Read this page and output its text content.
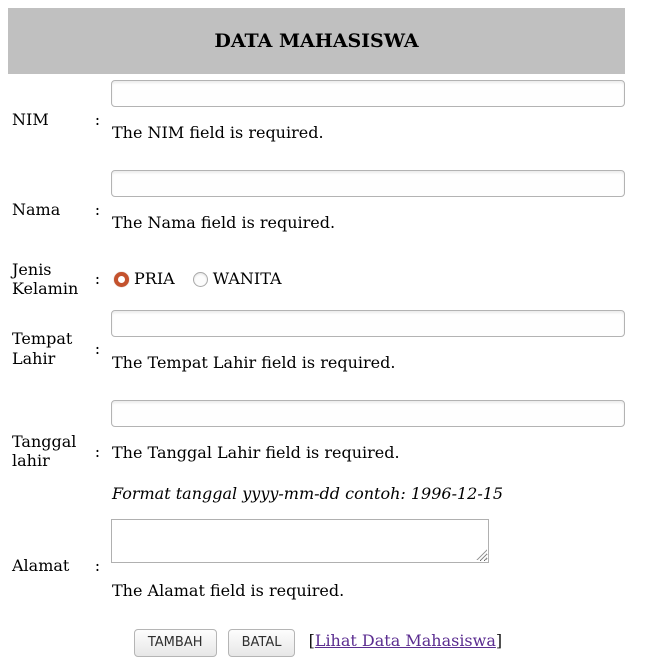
DATA MAHASISWA		
NIM	:	The NIM field is required.

Nama	:	The Nama field is required.

Jenis Kelamin	:	PRIA WANITA
Tempat Lahir	:	The Tempat Lahir field is required.

Tanggal lahir	:	The Tanggal Lahir field is required.

Format tanggal yyyy-mm-dd contoh: 1996-12-15

Alamat	:	The Alamat field is required.

TAMBAH BATAL [Lihat Data Mahasiswa]		
